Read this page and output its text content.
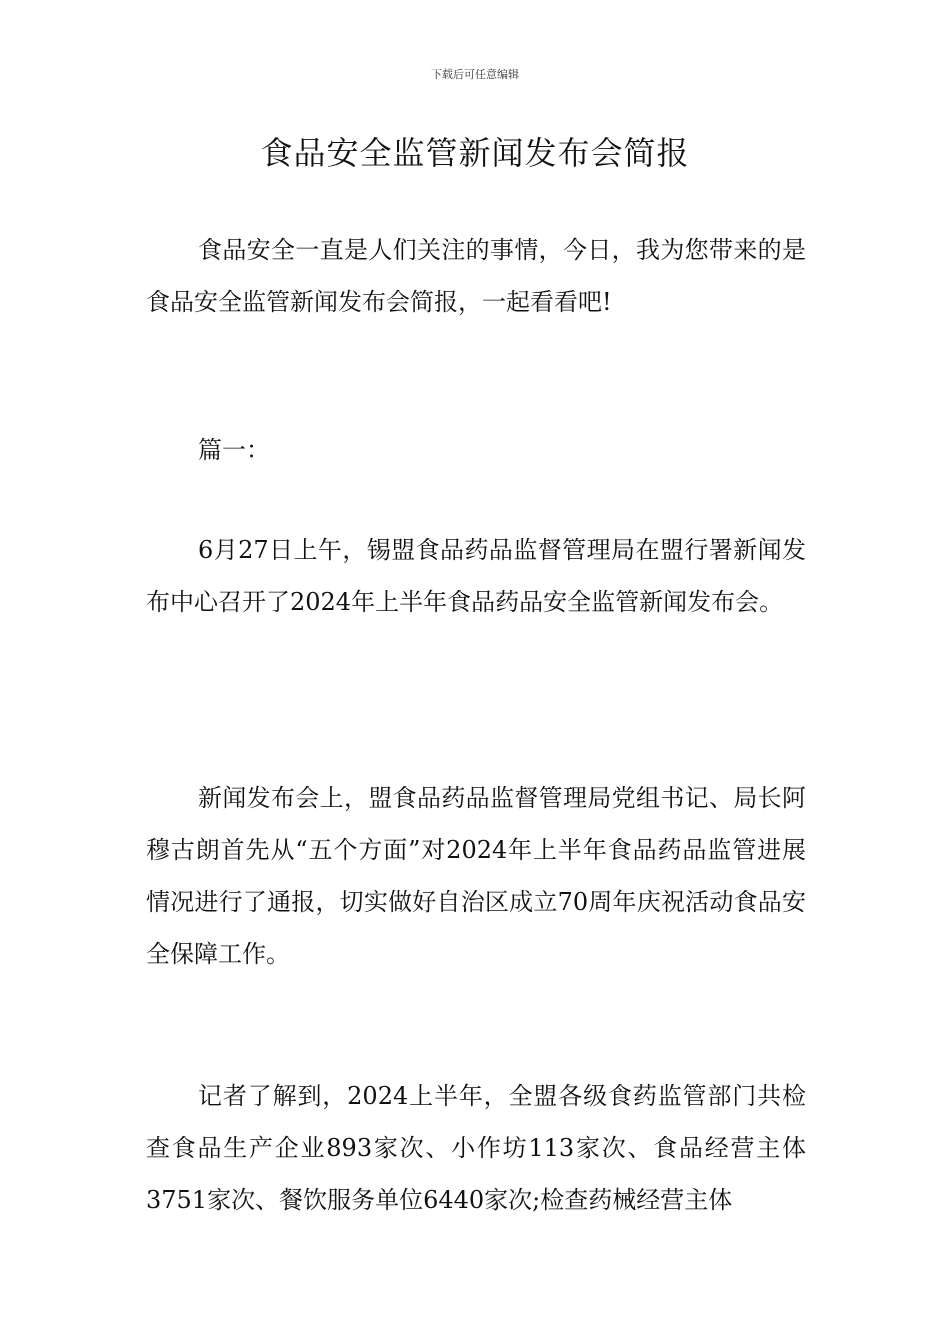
下载后可任意编辑
食品安全监管新闻发布会简报

食品安全一直是人们关注的事情，今日，我为您带来的是食品安全监管新闻发布会简报，一起看看吧!

篇一：

6月27日上午，锡盟食品药品监督管理局在盟行署新闻发布中心召开了2024年上半年食品药品安全监管新闻发布会。

新闻发布会上，盟食品药品监督管理局党组书记、局长阿穆古朗首先从“五个方面”对2024年上半年食品药品监管进展情况进行了通报，切实做好自治区成立70周年庆祝活动食品安全保障工作。

记者了解到，2024上半年，全盟各级食药监管部门共检查食品生产企业893家次、小作坊113家次、食品经营主体3751家次、餐饮服务单位6440家次;检查药械经营主体
